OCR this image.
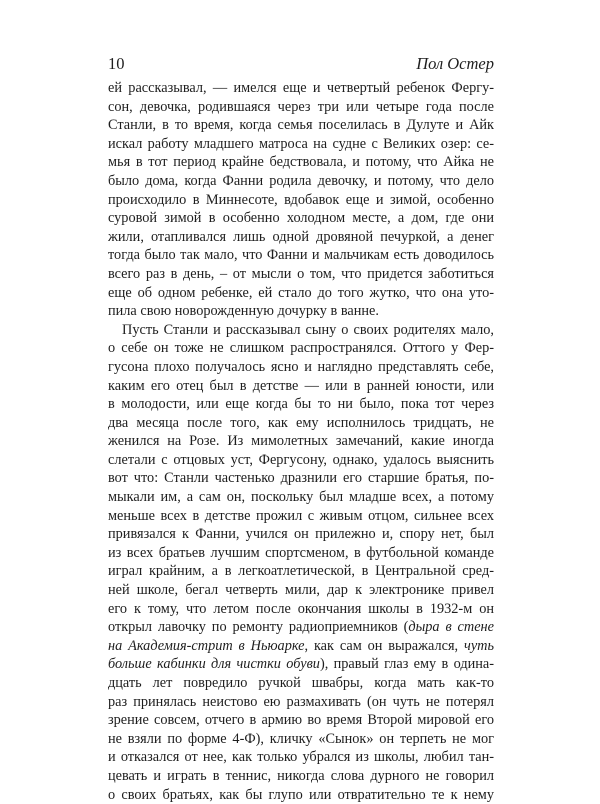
10	Пол Остер
ей рассказывал, — имелся еще и четвертый ребенок Фергу-
сон, девочка, родившаяся через три или четыре года после
Станли, в то время, когда семья поселилась в Дулуте и Айк
искал работу младшего матроса на судне с Великих озер: се-
мья в тот период крайне бедствовала, и потому, что Айка не
было дома, когда Фанни родила девочку, и потому, что дело
происходило в Миннесоте, вдобавок еще и зимой, особенно
суровой зимой в особенно холодном месте, а дом, где они
жили, отапливался лишь одной дровяной печуркой, а денег
тогда было так мало, что Фанни и мальчикам есть доводилось
всего раз в день, – от мысли о том, что придется заботиться
еще об одном ребенке, ей стало до того жутко, что она уто-
пила свою новорожденную дочурку в ванне.
Пусть Станли и рассказывал сыну о своих родителях мало,
о себе он тоже не слишком распространялся. Оттого у Фер-
гусона плохо получалось ясно и наглядно представлять себе,
каким его отец был в детстве — или в ранней юности, или
в молодости, или еще когда бы то ни было, пока тот через
два месяца после того, как ему исполнилось тридцать, не
женился на Розе. Из мимолетных замечаний, какие иногда
слетали с отцовых уст, Фергусону, однако, удалось выяснить
вот что: Станли частенько дразнили его старшие братья, по-
мыкали им, а сам он, поскольку был младше всех, а потому
меньше всех в детстве прожил с живым отцом, сильнее всех
привязался к Фанни, учился он прилежно и, спору нет, был
из всех братьев лучшим спортсменом, в футбольной команде
играл крайним, а в легкоатлетической, в Центральной сред-
ней школе, бегал четверть мили, дар к электронике привел
его к тому, что летом после окончания школы в 1932-м он
открыл лавочку по ремонту радиоприемников (дыра в стене
на Академия-стрит в Ньюарке, как сам он выражался, чуть
больше кабинки для чистки обуви), правый глаз ему в одина-
дцать лет повредило ручкой швабры, когда мать как-то
раз принялась неистово ею размахивать (он чуть не потерял
зрение совсем, отчего в армию во время Второй мировой его
не взяли по форме 4-Ф), кличку «Сынок» он терпеть не мог
и отказался от нее, как только убрался из школы, любил тан-
цевать и играть в теннис, никогда слова дурного не говорил
о своих братьях, как бы глупо или отвратительно те к нему
